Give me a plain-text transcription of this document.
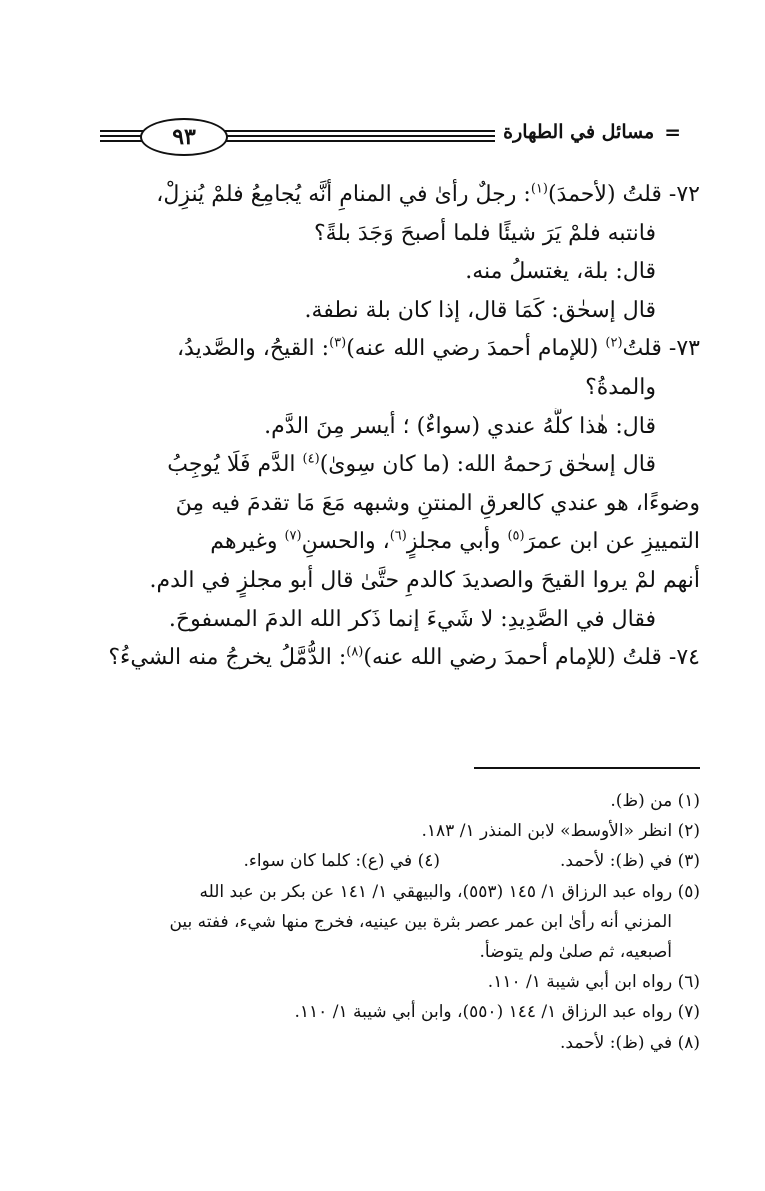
٩٣	=
مسائل في الطهارة
٧٢- قلتُ (لأحمدَ)$^{(١)}$: رجلٌ رأىٰ في المنامِ أنَّه يُجامِعُ فلمْ يُنزِلْ،
فانتبه فلمْ يَرَ شيئًا فلما أصبحَ وَجَدَ بلةً؟
قال: بلة، يغتسلُ منه.
قال إسحٰق: كَمَا قال، إذا كان بلة نطفة.
٧٣- قلتُ$^{(٢)}$ (للإمام أحمدَ رضي الله عنه)$^{(٣)}$: القيحُ، والصَّديدُ،
والمدةُ؟
قال: هٰذا كلُّهُ عندي (سواءٌ) ؛ أيسر مِنَ الدَّم.
قال إسحٰق رَحمهُ الله: (ما كان سِوىٰ)$^{(٤)}$ الدَّم فَلَا يُوجِبُ
وضوءًا، هو عندي كالعرقِ المنتنِ وشبهه مَعَ مَا تقدمَ فيه مِنَ
التمييزِ عن ابن عمرَ$^{(٥)}$ وأبي مجلزٍ$^{(٦)}$، والحسنِ$^{(٧)}$ وغيرهم
أنهم لمْ يروا القيحَ والصديدَ كالدمِ حتَّىٰ قال أبو مجلزٍ في الدم.
فقال في الصَّدِيدِ: لا شَيءَ إنما ذَكر الله الدمَ المسفوحَ.
٧٤- قلتُ (للإمام أحمدَ رضي الله عنه)$^{(٨)}$: الدُّمَّلُ يخرجُ منه الشيءُ؟
(١) من (ظ).
(٢) انظر «الأوسط» لابن المنذر ١/ ١٨٣.
(٣) في (ظ): لأحمد.
(٤) في (ع): كلما كان سواء.
(٥) رواه عبد الرزاق ١/ ١٤٥ (٥٥٣)، والبيهقي ١/ ١٤١ عن بكر بن عبد الله
المزني أنه رأىٰ ابن عمر عصر بثرة بين عينيه، فخرج منها شيء، ففته بين
أصبعيه، ثم صلىٰ ولم يتوضأ.
(٦) رواه ابن أبي شيبة ١/ ١١٠.
(٧) رواه عبد الرزاق ١/ ١٤٤ (٥٥٠)، وابن أبي شيبة ١/ ١١٠.
(٨) في (ظ): لأحمد.
